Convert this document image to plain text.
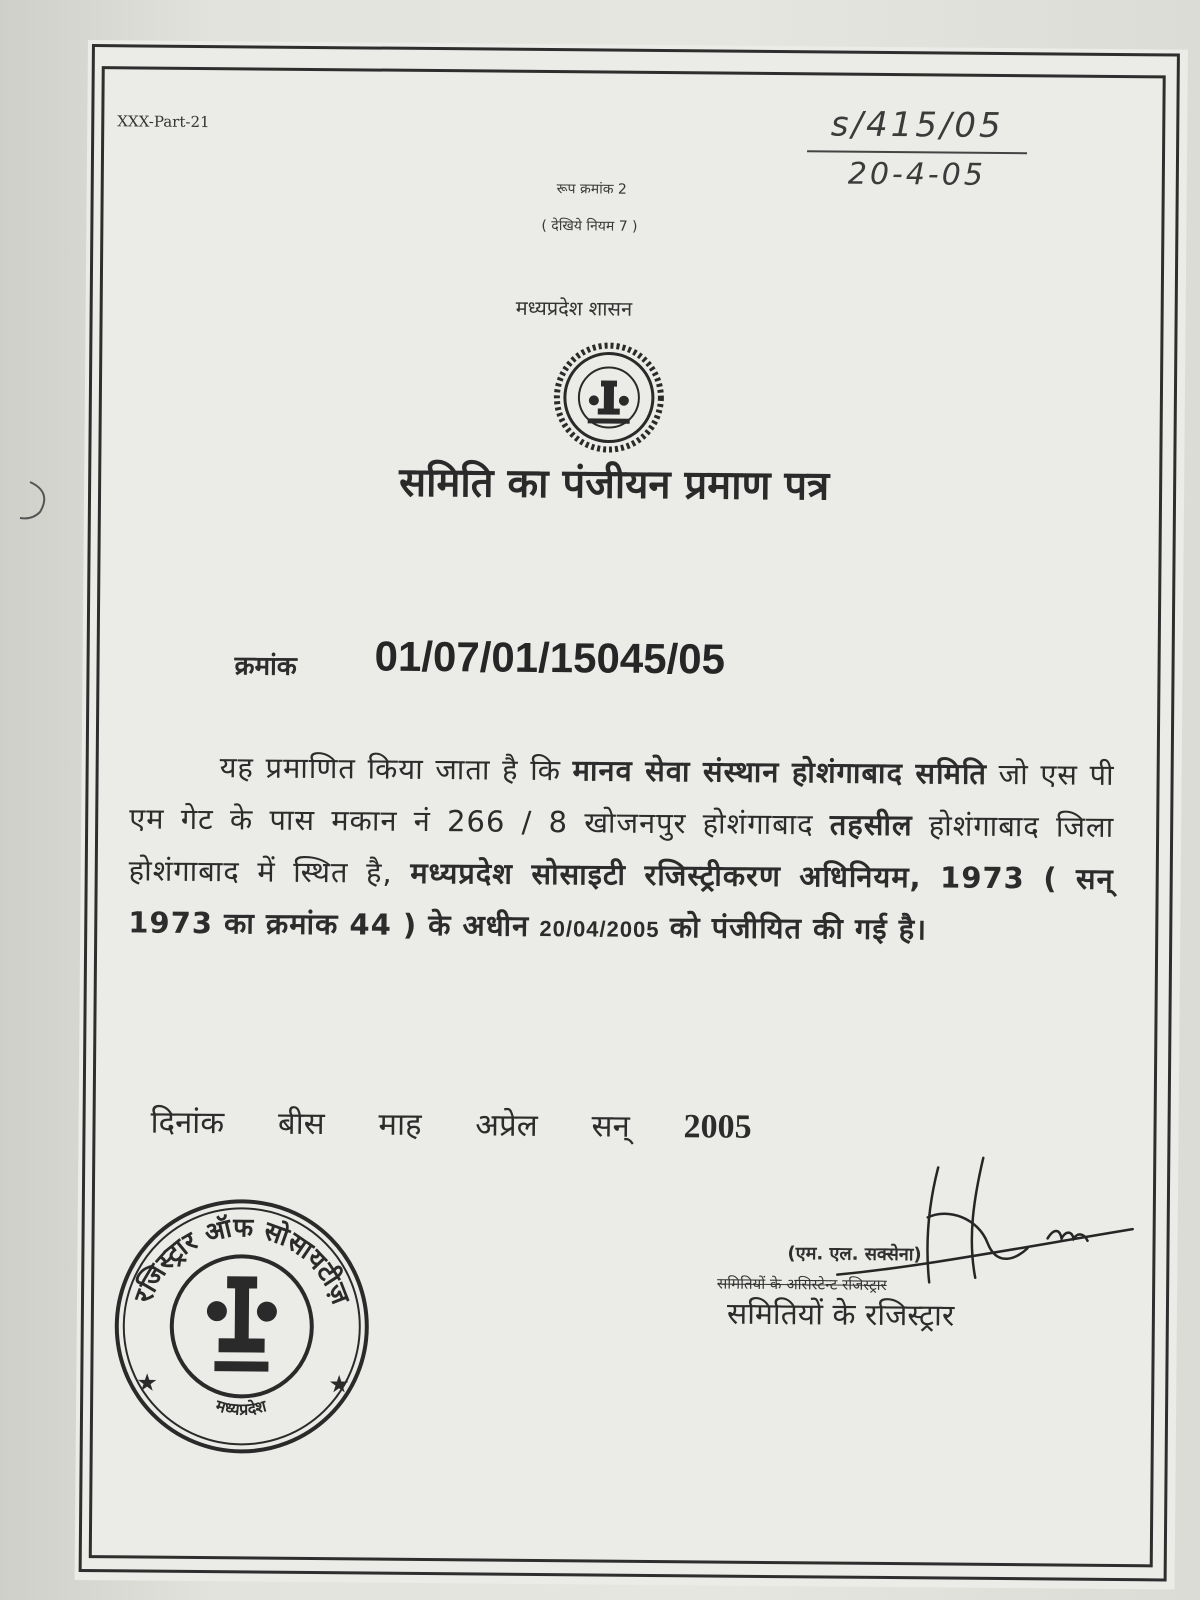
XXX-Part-21	s/415/05
20-4-05
रूप क्रमांक 2
( देखिये नियम 7 )
मध्यप्रदेश शासन
समिति का पंजीयन प्रमाण पत्र
क्रमांक 01/07/01/15045/05
यह प्रमाणित किया जाता है कि मानव सेवा संस्थान होशंगाबाद समिति जो एस पी एम गेट के पास मकान नं 266 / 8 खोजनपुर होशंगाबाद तहसील होशंगाबाद जिला होशंगाबाद में स्थित है, मध्यप्रदेश सोसाइटी रजिस्ट्रीकरण अधिनियम, 1973 ( सन् 1973 का क्रमांक 44 ) के अधीन 20/04/2005 को पंजीयित की गई है।
दिनांक बीस माह अप्रेल सन् 2005
(एम. एल. सक्सेना)
समितियों के असिस्टेन्ट रजिस्ट्रार
समितियों के रजिस्ट्रार
रजिस्ट्रार ऑफ सोसायटीज़
मध्यप्रदेश
★	★
